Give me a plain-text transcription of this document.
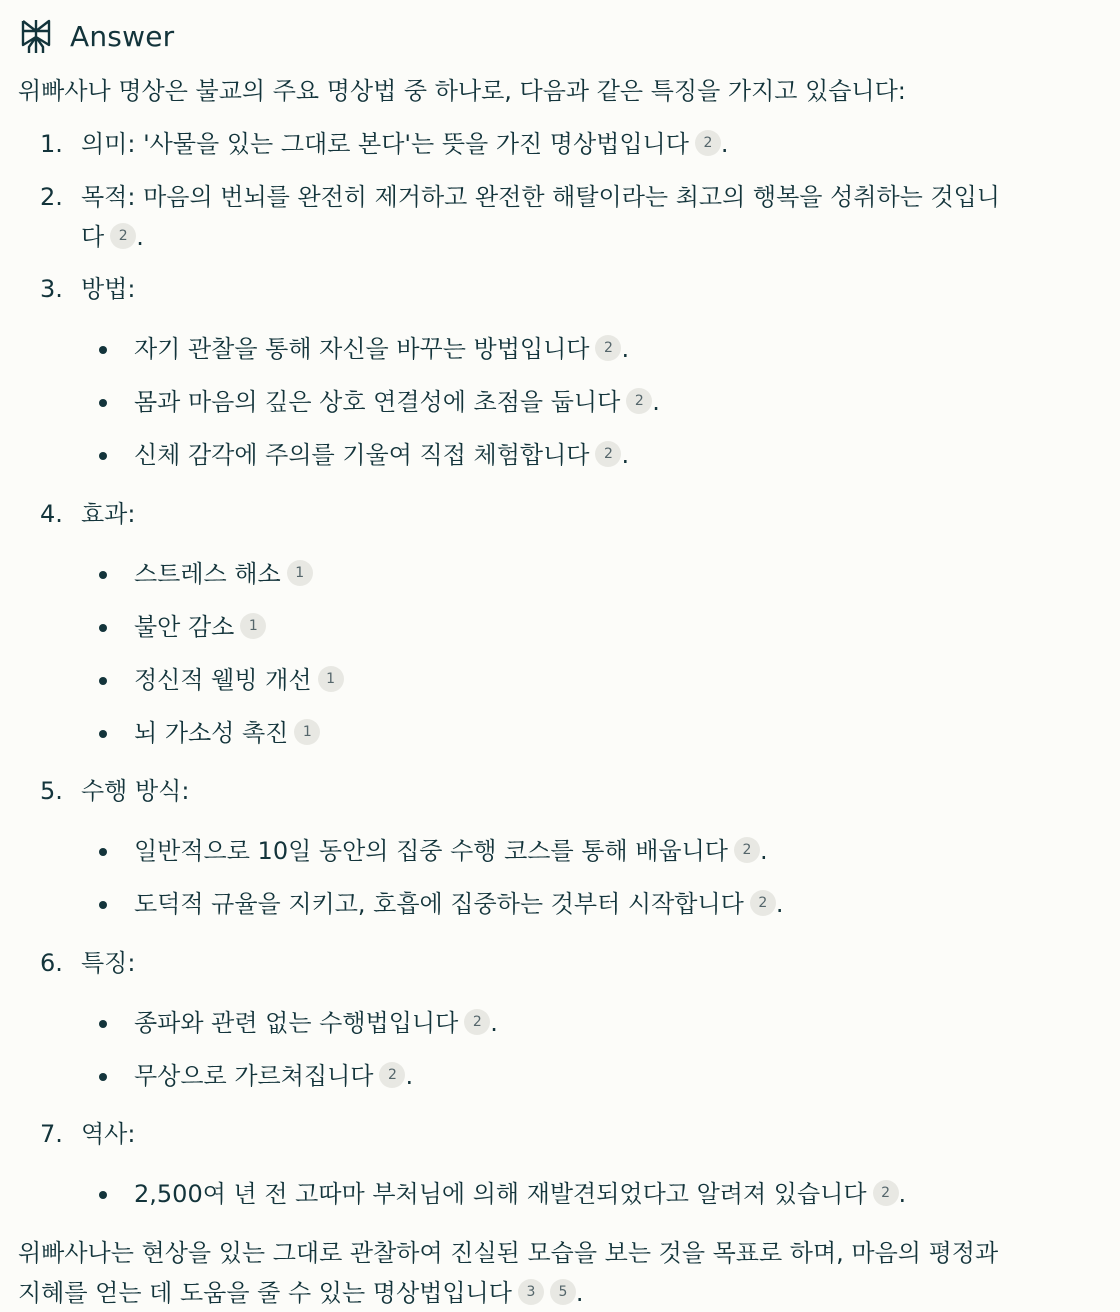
Answer
위빠사나 명상은 불교의 주요 명상법 중 하나로, 다음과 같은 특징을 가지고 있습니다:
1. 의미: '사물을 있는 그대로 본다'는 뜻을 가진 명상법입니다 2 .
2. 목적: 마음의 번뇌를 완전히 제거하고 완전한 해탈이라는 최고의 행복을 성취하는 것입니
다 2 .
3. 방법:
자기 관찰을 통해 자신을 바꾸는 방법입니다 2 .
몸과 마음의 깊은 상호 연결성에 초점을 둡니다 2 .
신체 감각에 주의를 기울여 직접 체험합니다 2 .
4. 효과:
스트레스 해소 1
불안 감소 1
정신적 웰빙 개선 1
뇌 가소성 촉진 1
5. 수행 방식:
일반적으로 10일 동안의 집중 수행 코스를 통해 배웁니다 2 .
도덕적 규율을 지키고, 호흡에 집중하는 것부터 시작합니다 2 .
6. 특징:
종파와 관련 없는 수행법입니다 2 .
무상으로 가르쳐집니다 2 .
7. 역사:
2,500여 년 전 고따마 부처님에 의해 재발견되었다고 알려져 있습니다 2 .
위빠사나는 현상을 있는 그대로 관찰하여 진실된 모습을 보는 것을 목표로 하며, 마음의 평정과
지혜를 얻는 데 도움을 줄 수 있는 명상법입니다 3 5 .
